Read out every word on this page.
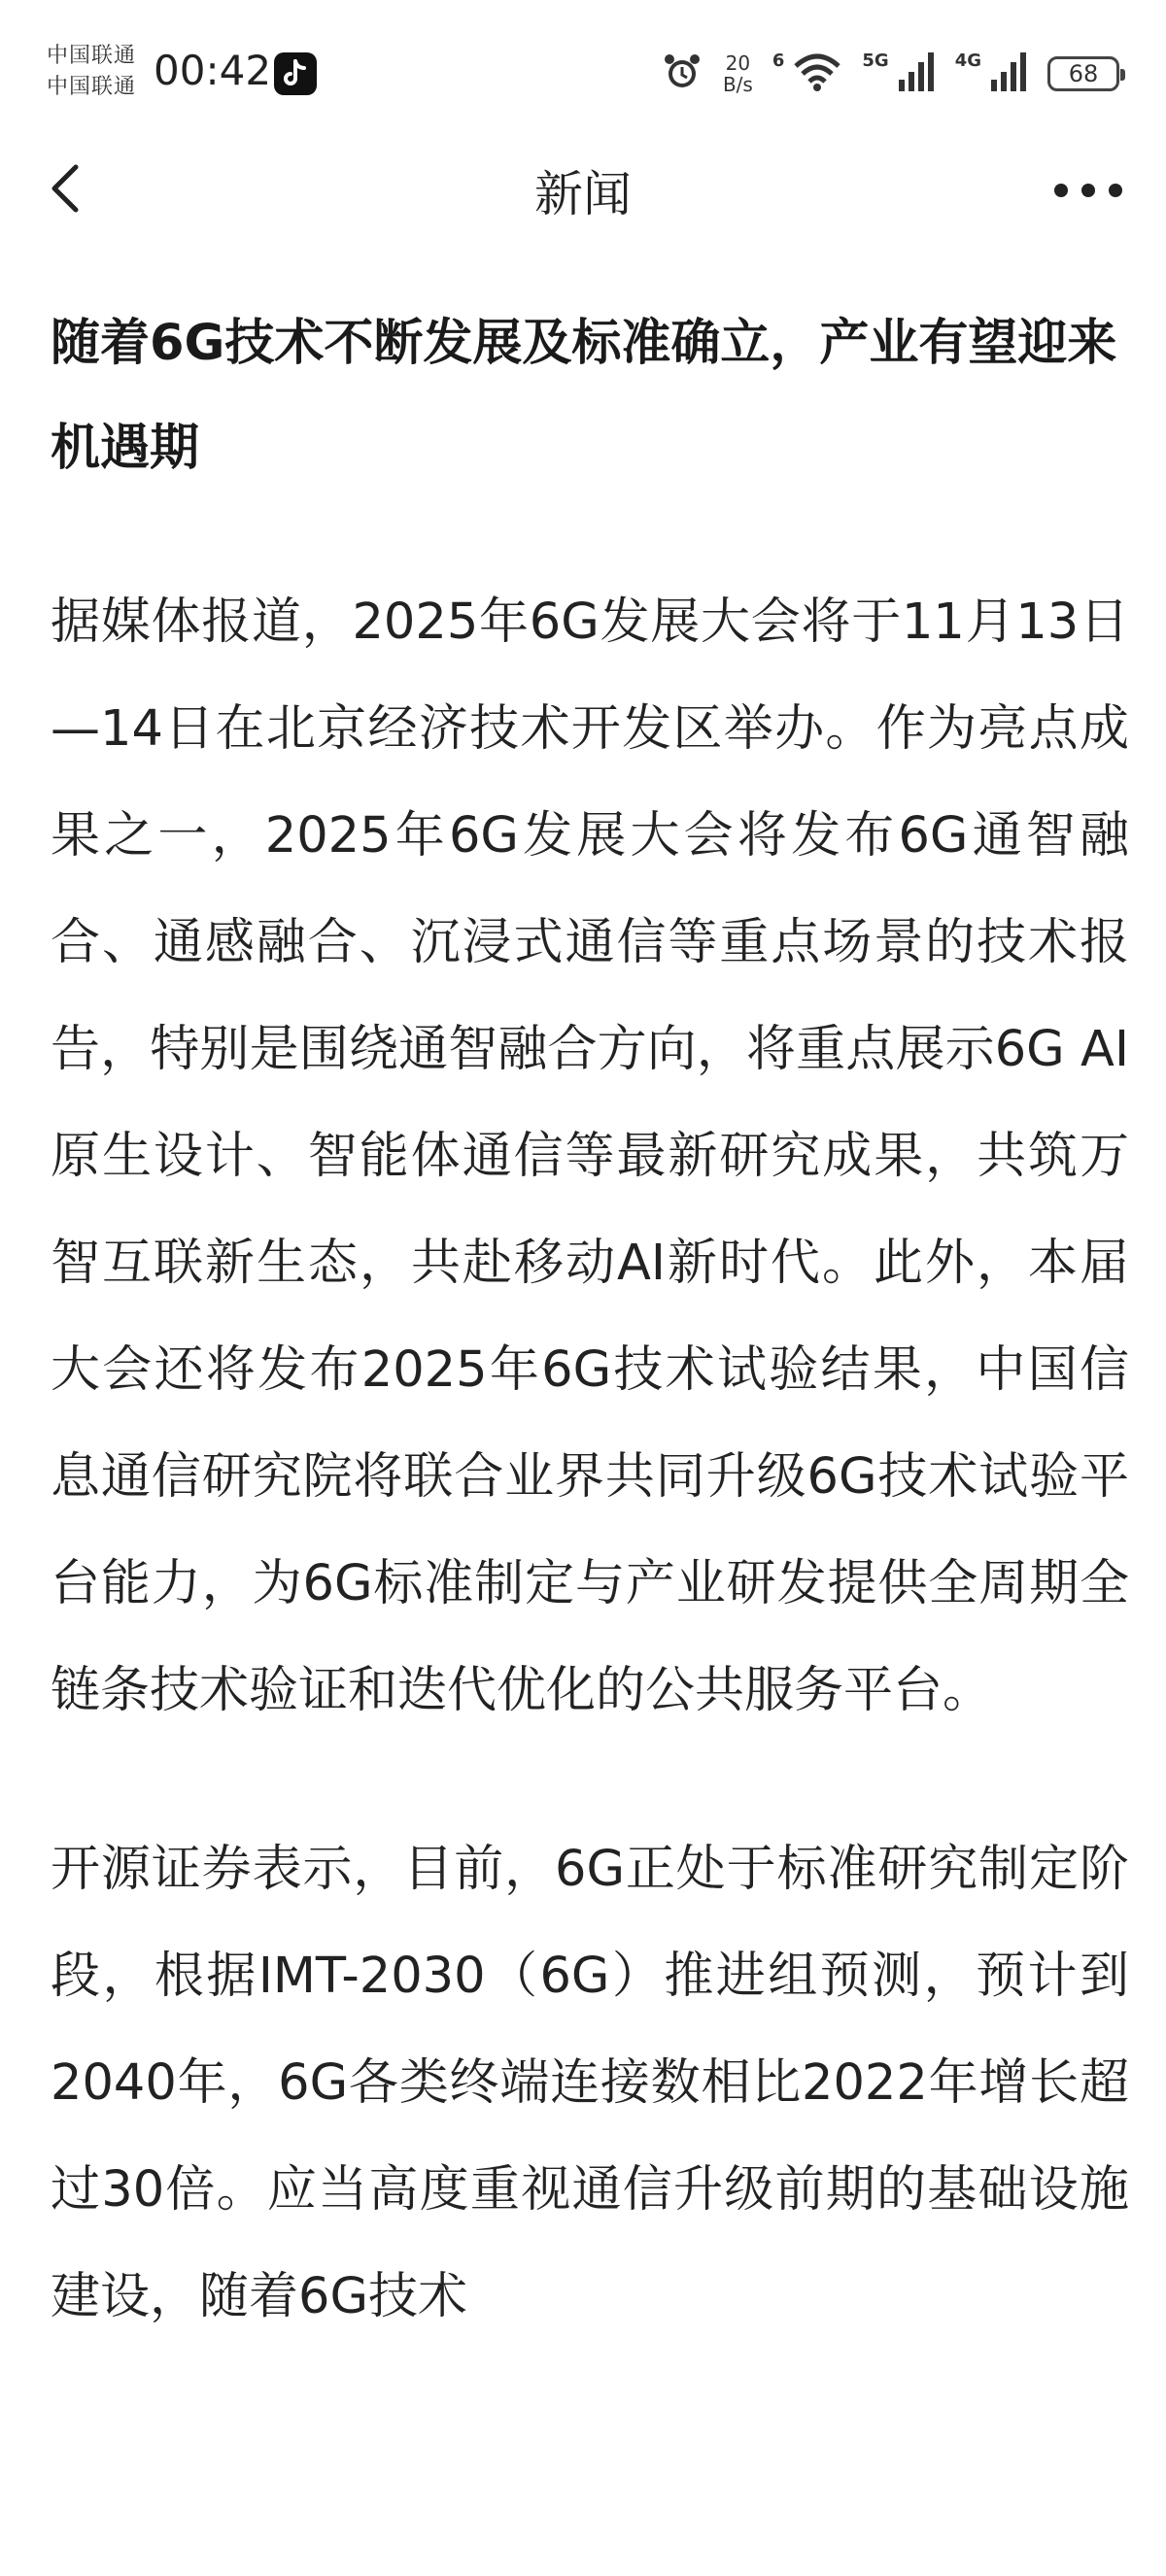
中国联通
中国联通 00:42	20
B/s
6	5G	4G	68
新闻
随着6G技术不断发展及标准确立，产业有望迎来机遇期

据媒体报道，2025年6G发展大会将于11月13日—14日在北京经济技术开发区举办。作为亮点成果之一，2025年6G发展大会将发布6G通智融合、通感融合、沉浸式通信等重点场景的技术报告，特别是围绕通智融合方向，将重点展示6G AI原生设计、智能体通信等最新研究成果，共筑万智互联新生态，共赴移动AI新时代。此外，本届大会还将发布2025年6G技术试验结果，中国信息通信研究院将联合业界共同升级6G技术试验平台能力，为6G标准制定与产业研发提供全周期全链条技术验证和迭代优化的公共服务平台。

开源证券表示，目前，6G正处于标准研究制定阶段，根据IMT-2030（6G）推进组预测，预计到2040年，6G各类终端连接数相比2022年增长超过30倍。应当高度重视通信升级前期的基础设施建设，随着6G技术
